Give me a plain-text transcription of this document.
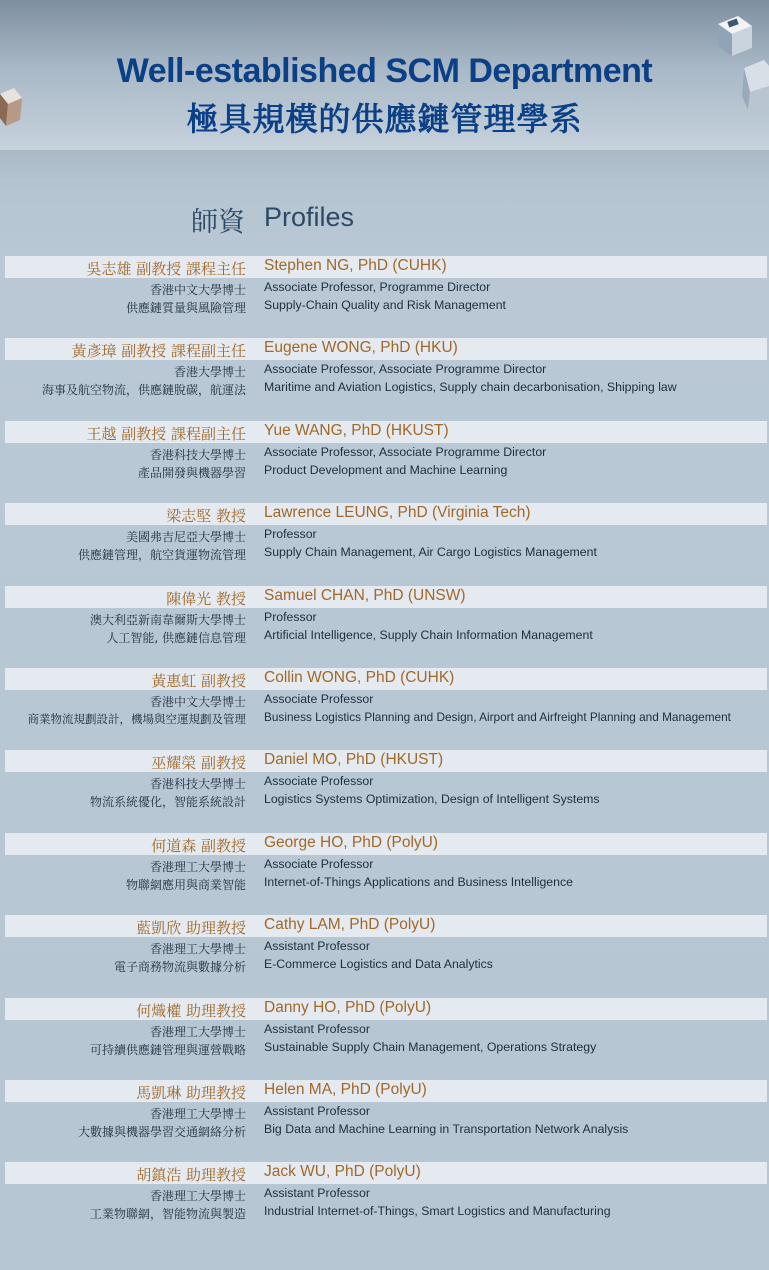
Well-established SCM Department
極具規模的供應鏈管理學系
師資 Profiles
吳志雄 副教授 課程主任 Stephen NG, PhD (CUHK)
香港中文大學博士 Associate Professor, Programme Director
供應鏈質量與風險管理 Supply-Chain Quality and Risk Management
黃彥璋 副教授 課程副主任 Eugene WONG, PhD (HKU)
香港大學博士 Associate Professor, Associate Programme Director
海事及航空物流，供應鏈脫碳，航運法 Maritime and Aviation Logistics, Supply chain decarbonisation, Shipping law
王越 副教授 課程副主任 Yue WANG, PhD (HKUST)
香港科技大學博士 Associate Professor, Associate Programme Director
產品開發與機器學習 Product Development and Machine Learning
梁志堅 教授 Lawrence LEUNG, PhD (Virginia Tech)
美國弗吉尼亞大學博士 Professor
供應鏈管理，航空貨運物流管理 Supply Chain Management, Air Cargo Logistics Management
陳偉光 教授 Samuel CHAN, PhD (UNSW)
澳大利亞新南韋爾斯大學博士 Professor
人工智能, 供應鏈信息管理 Artificial Intelligence, Supply Chain Information Management
黃惠虹 副教授 Collin WONG, PhD (CUHK)
香港中文大學博士 Associate Professor
商業物流規劃設計，機場與空運規劃及管理 Business Logistics Planning and Design, Airport and Airfreight Planning and Management
巫耀榮 副教授 Daniel MO, PhD (HKUST)
香港科技大學博士 Associate Professor
物流系統優化，智能系統設計 Logistics Systems Optimization, Design of Intelligent Systems
何道森 副教授 George HO, PhD (PolyU)
香港理工大學博士 Associate Professor
物聯網應用與商業智能 Internet-of-Things Applications and Business Intelligence
藍凱欣 助理教授 Cathy LAM, PhD (PolyU)
香港理工大學博士 Assistant Professor
電子商務物流與數據分析 E-Commerce Logistics and Data Analytics
何熾權 助理教授 Danny HO, PhD (PolyU)
香港理工大學博士 Assistant Professor
可持續供應鏈管理與運營戰略 Sustainable Supply Chain Management, Operations Strategy
馬凱琳 助理教授 Helen MA, PhD (PolyU)
香港理工大學博士 Assistant Professor
大數據與機器學習交通網絡分析 Big Data and Machine Learning in Transportation Network Analysis
胡鎮浩 助理教授 Jack WU, PhD (PolyU)
香港理工大學博士 Assistant Professor
工業物聯網，智能物流與製造 Industrial Internet-of-Things, Smart Logistics and Manufacturing
